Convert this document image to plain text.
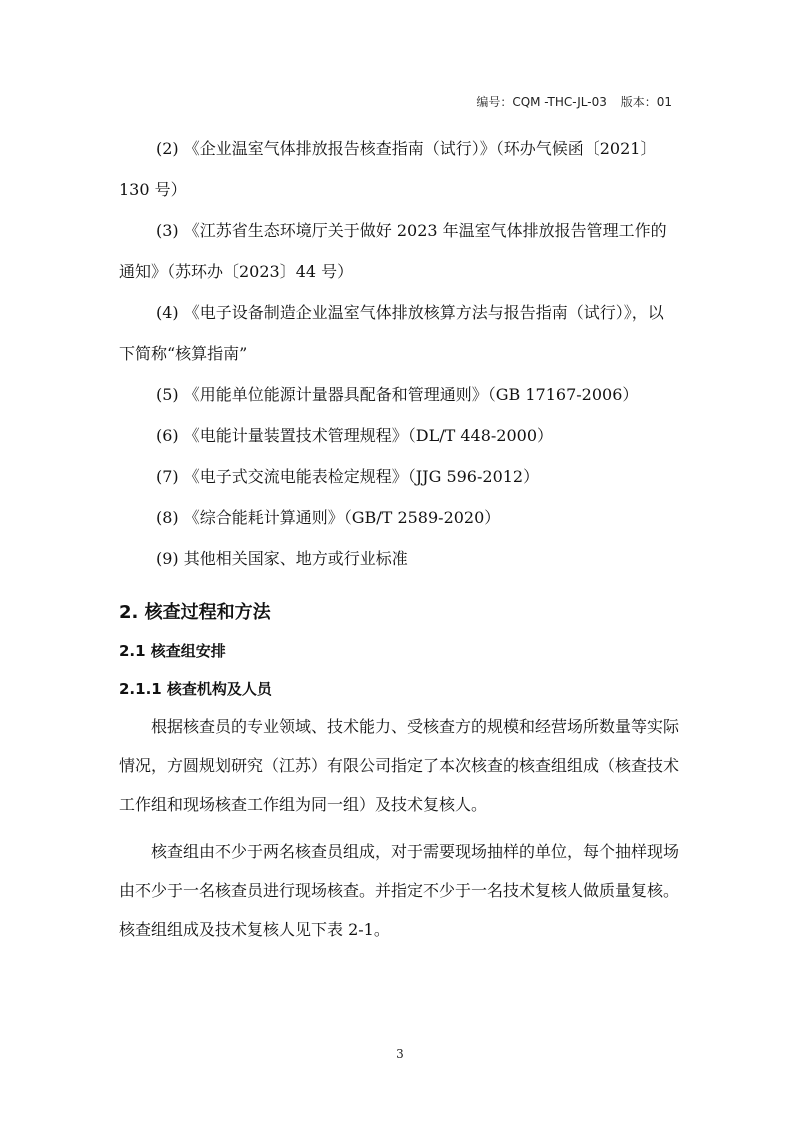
编号：CQM -THC-JL-03 版本：01

(2) 《企业温室气体排放报告核查指南（试行）》（环办气候函〔2021〕130 号）

(3) 《江苏省生态环境厅关于做好 2023 年温室气体排放报告管理工作的通知》（苏环办〔2023〕44 号）

(4) 《电子设备制造企业温室气体排放核算方法与报告指南（试行）》，以下简称“核算指南”

(5) 《用能单位能源计量器具配备和管理通则》（GB 17167-2006）

(6) 《电能计量装置技术管理规程》（DL/T 448-2000）

(7) 《电子式交流电能表检定规程》（JJG 596-2012）

(8) 《综合能耗计算通则》（GB/T 2589-2020）

(9) 其他相关国家、地方或行业标准

2. 核查过程和方法
2.1 核查组安排
2.1.1 核查机构及人员

根据核查员的专业领域、技术能力、受核查方的规模和经营场所数量等实际情况，方圆规划研究（江苏）有限公司指定了本次核查的核查组组成（核查技术工作组和现场核查工作组为同一组）及技术复核人。

核查组由不少于两名核查员组成，对于需要现场抽样的单位，每个抽样现场由不少于一名核查员进行现场核查。并指定不少于一名技术复核人做质量复核。核查组组成及技术复核人见下表 2-1。

3
